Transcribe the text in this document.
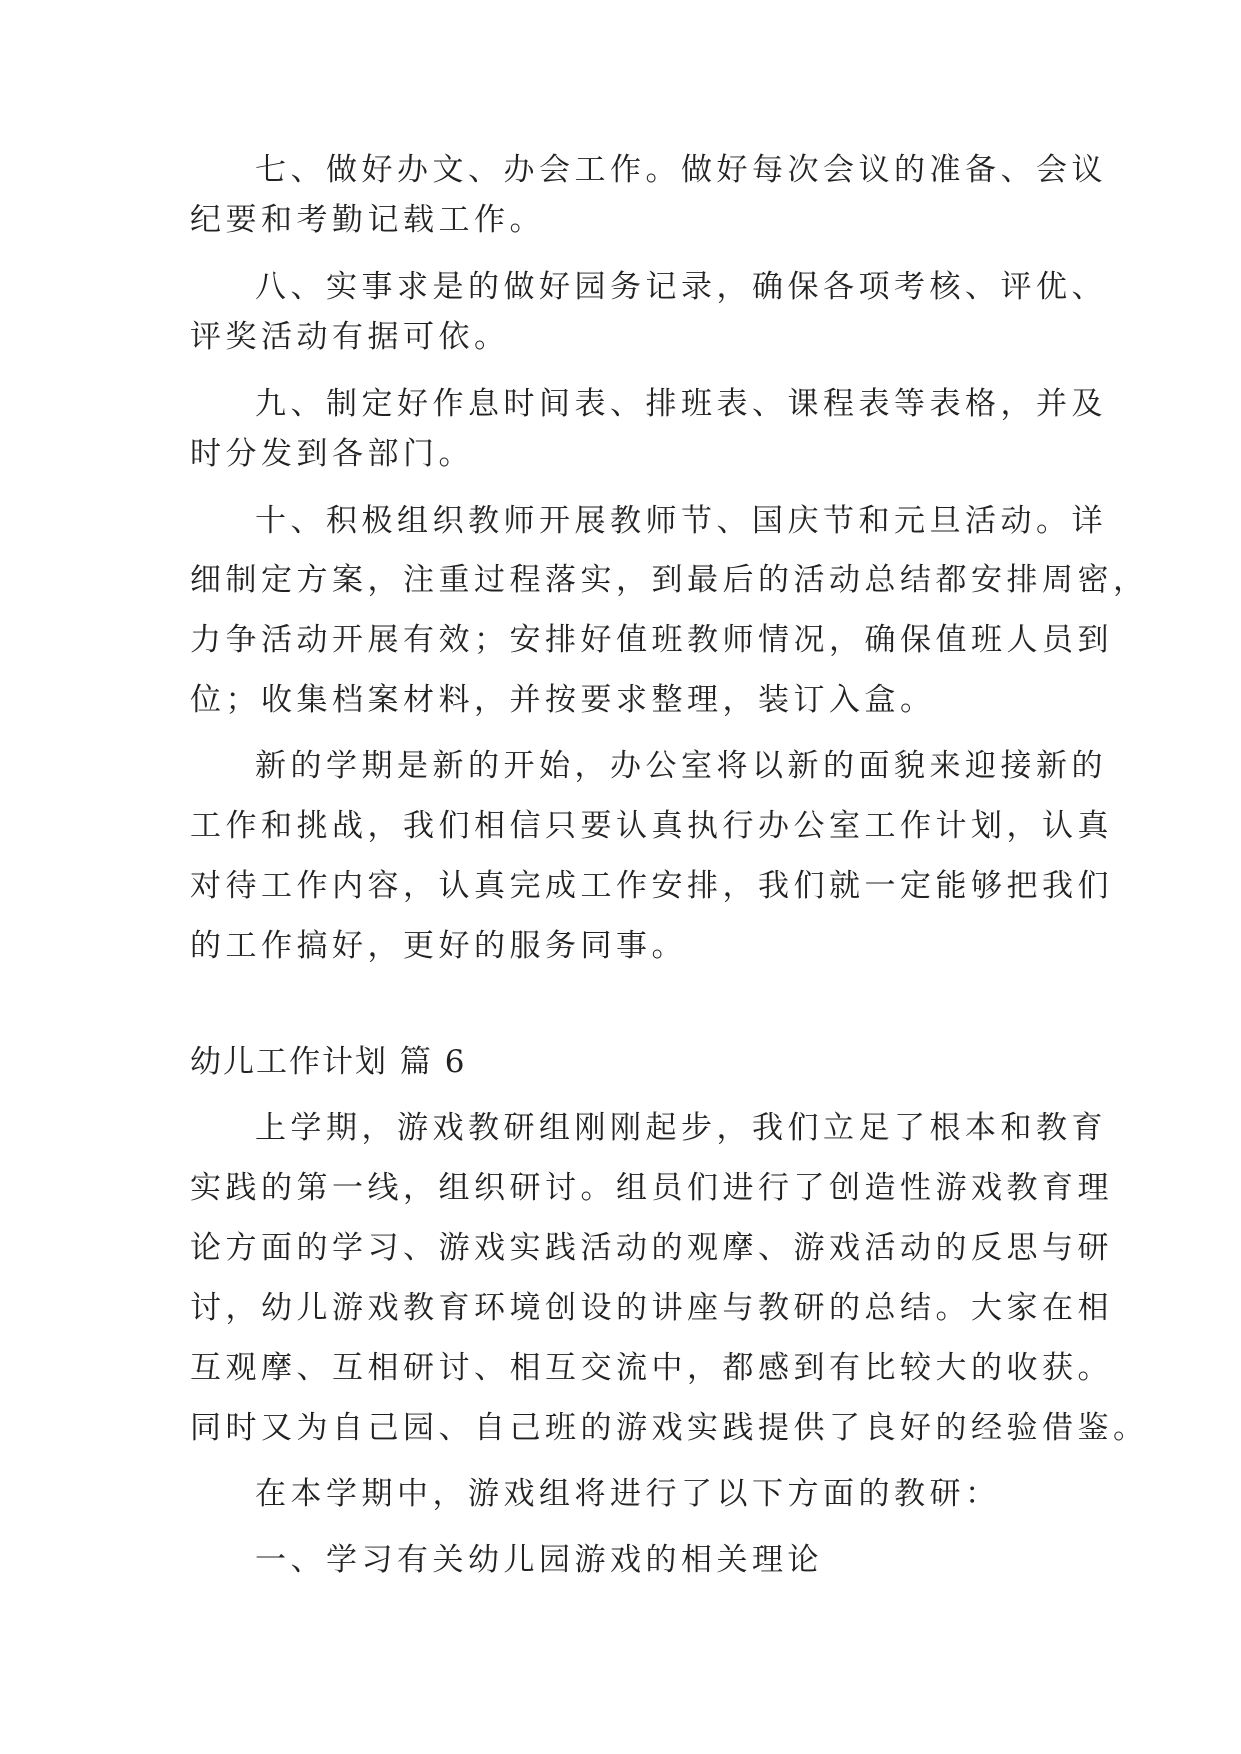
七、做好办文、办会工作。做好每次会议的准备、会议
纪要和考勤记载工作。
八、实事求是的做好园务记录，确保各项考核、评优、
评奖活动有据可依。
九、制定好作息时间表、排班表、课程表等表格，并及
时分发到各部门。
十、积极组织教师开展教师节、国庆节和元旦活动。详
细制定方案，注重过程落实，到最后的活动总结都安排周密，
力争活动开展有效；安排好值班教师情况，确保值班人员到
位；收集档案材料，并按要求整理，装订入盒。
新的学期是新的开始，办公室将以新的面貌来迎接新的
工作和挑战，我们相信只要认真执行办公室工作计划，认真
对待工作内容，认真完成工作安排，我们就一定能够把我们
的工作搞好，更好的服务同事。
幼儿工作计划 篇 6
上学期，游戏教研组刚刚起步，我们立足了根本和教育
实践的第一线，组织研讨。组员们进行了创造性游戏教育理
论方面的学习、游戏实践活动的观摩、游戏活动的反思与研
讨，幼儿游戏教育环境创设的讲座与教研的总结。大家在相
互观摩、互相研讨、相互交流中，都感到有比较大的收获。
同时又为自己园、自己班的游戏实践提供了良好的经验借鉴。
在本学期中，游戏组将进行了以下方面的教研：
一、学习有关幼儿园游戏的相关理论
